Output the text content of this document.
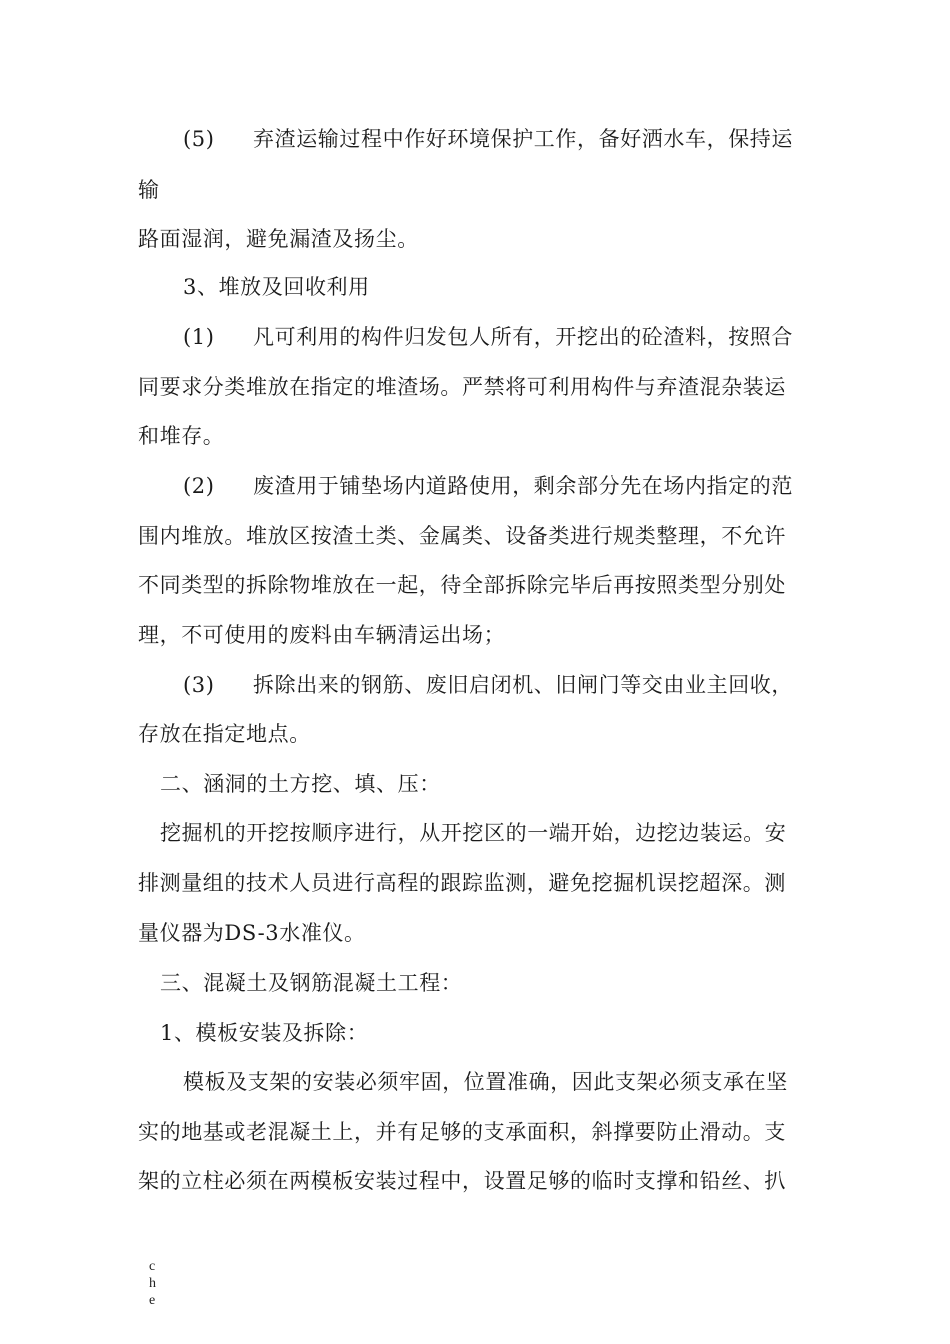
(5) 弃渣运输过程中作好环境保护工作，备好洒水车，保持运
输
路面湿润，避免漏渣及扬尘。
3、堆放及回收利用
(1) 凡可利用的构件归发包人所有，开挖出的砼渣料，按照合
同要求分类堆放在指定的堆渣场。严禁将可利用构件与弃渣混杂装运
和堆存。
(2) 废渣用于铺垫场内道路使用，剩余部分先在场内指定的范
围内堆放。堆放区按渣土类、金属类、设备类进行规类整理，不允许
不同类型的拆除物堆放在一起，待全部拆除完毕后再按照类型分别处
理，不可使用的废料由车辆清运出场；
(3) 拆除出来的钢筋、废旧启闭机、旧闸门等交由业主回收，
存放在指定地点。
二、涵洞的土方挖、填、压：
挖掘机的开挖按顺序进行，从开挖区的一端开始，边挖边装运。安
排测量组的技术人员进行高程的跟踪监测，避免挖掘机误挖超深。测
量仪器为DS-3水准仪。
三、混凝土及钢筋混凝土工程：
1、模板安装及拆除：
模板及支架的安装必须牢固，位置准确，因此支架必须支承在坚
实的地基或老混凝土上，并有足够的支承面积，斜撑要防止滑动。支
架的立柱必须在两模板安装过程中，设置足够的临时支撑和铅丝、扒
c
h
e
